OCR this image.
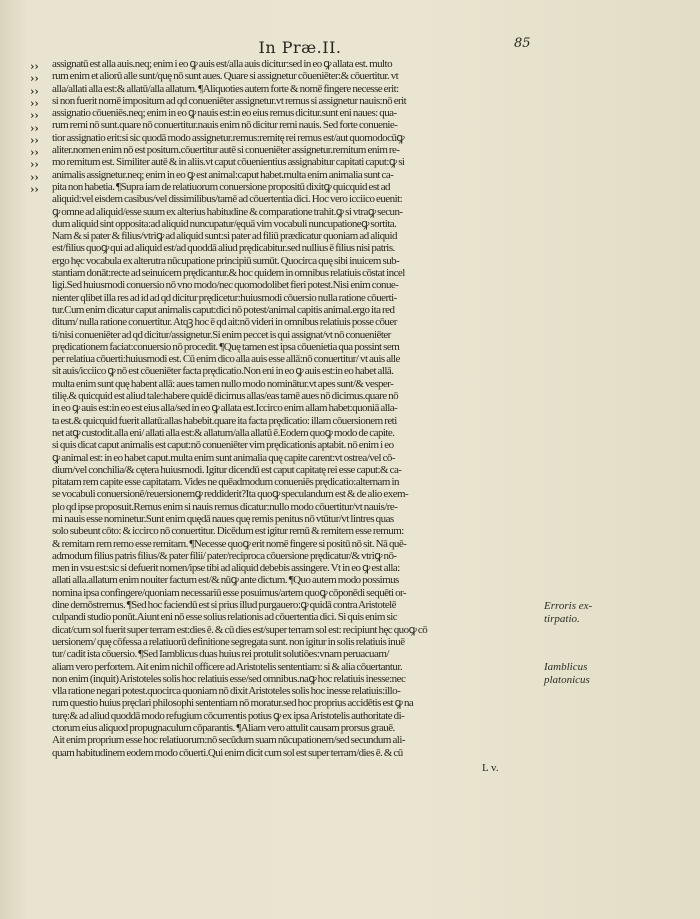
In Præ.II.	85
››
››
››
››
››
››
››
››
››
››
››
assignatū est alla auis.neq; enim i eo ꝙ auis est/alla auis dicitur:sed in eo ꝙ allata est. multo
rum enim et aliorū alle sunt/quę nō sunt aues. Quare si assignetur cōueniēter:& cōuertitur. vt
alla/allati alla est:& allatū/alla allatum. ¶Aliquoties autem forte & nomē fingere necesse erit:
si non fuerit nomē impositum ad qd conueniēter assignetur.vt remus si assignetur nauis:nō erit
assignatio cōueniēs.neq; enim in eo ꝙ nauis est:in eo eius remus dicitur.sunt eni naues: qua-
rum remi nō sunt.quare nō conuertitur.nauis enim nō dicitur remi nauis. Sed forte conuenie-
tior assignatio erit:si sic quodā modo assignetur.remus:remitę rei remus est/aut quomodocūꝙ
aliter.nomen enim nō est positum.cōuertitur autē si conueniēter assignetur.remitum enim re-
mo remitum est. Similiter autē & in aliis.vt caput cōuenientius assignabitur capitati caput:ꝙ si
animalis assignetur.neq; enim in eo ꝙ est animal:caput habet.multa enim animalia sunt ca-
pita non habetia. ¶Supra iam de relatiuorum conuersione propositū dixitꝙ quicquid est ad
aliquid:vel eisdem casibus/vel dissimilibus/tamē ad cōuertentia dici. Hoc vero icciico euenit:
ꝙ omne ad aliquid/esse suum ex alterius habitudine & comparatione trahit.ꝙ si vtraꝙ secun-
dum aliquid sint opposita:ad aliquid nuncupatur/ęquā vim vocabuli nuncupationeꝙ sortita.
Nam & si pater & filius/vtriꝙ ad aliquid sunt:si pater ad filiū prædicatur quoniam ad aliquid
est/filius quoꝙ qui ad aliquid est/ad quoddā aliud prędicabitur.sed nullius ē filius nisi patris.
ergo hęc vocabula ex alterutra nūcupatione principiū sumūt. Quocirca quę sibi inuicem sub-
stantiam donāt:recte ad seinuicem prędicantur.& hoc quidem in omnibus relatiuis cōstat incel
ligi.Sed huiusmodi conuersio nō vno modo/nec quomodolibet fieri potest.Nisi enim conue-
nienter qlibet illa res ad id ad qd dicitur prędicetur:huiusmodi cōuersio nulla ratione cōuerti-
tur.Cum enim dicatur caput animalis caput:dici nō potest/animal capitis animal.ergo ita red
ditum/ nulla ratione conuertitur. Atqꝫ hoc ē qd ait:nō videri in omnibus relatiuis posse cōuer
ti/nisi conueniēter ad qd dicitur/assignetur.Si enim peccet is qui assignat/vt nō conueniēter
prędicationem faciat:conuersio nō procedit. ¶Quę tamen est ipsa cōuenietia qua possint sem
per relatiua cōuerti:huiusmodi est. Cū enim dico alla auis esse allā:nō conuertitur/ vt auis alle
sit auis/icciico ꝙ nō est cōueniēter facta prędicatio.Non eni in eo ꝙ auis est:in eo habet allā.
multa enim sunt quę habent allā: aues tamen nullo modo nominātur.vt apes sunt/& vesper-
tilię.& quicquid est aliud tale:habere quidē dicimus allas/eas tamē aues nō dicimus.quare nō
in eo ꝙ auis est:in eo est eius alla/sed in eo ꝙ allata est.Iccirco enim allam habet:quoniā alla-
ta est.& quicquid fuerit allatū:allas habebit.quare ita facta prędicatio: illam cōuersionem reti
net atꝙ custodit.alla eni/ allati alla est:& allatum/alla allatū ē.Eodem quoꝙ modo de capite.
si quis dicat caput animalis est caput:nō conueniēter vim prędicationis aptabit. nō enim i eo
ꝙ animal est: in eo habet caput.multa enim sunt animalia quę capite carent:vt ostrea/vel cō-
dium/vel conchilia/& cętera huiusmodi. Igitur dicendū est caput capitatę rei esse caput:& ca-
pitatam rem capite esse capitatam. Vides ne quēadmodum conueniēs prędicatio:alternam in
se vocabuli conuersionē/reuersionemꝙ reddiderit?Ita quoꝙ speculandum est & de alio exem-
plo qd ipse proposuit.Remus enim si nauis remus dicatur:nullo modo cōuertitur/vt nauis/re-
mi nauis esse nominetur.Sunt enim quędā naues quę remis penitus nō vtūtur/vt lintres quas
solo subeunt cōto: & iccirco nō conuertitur. Dicēdum est igitur remū & remitem esse remum:
& remitam rem remo esse remitam. ¶Necesse quoꝙ erit nomē fingere si positū nō sit. Nā quē-
admodum filius patris filius/& pater filii/ pater/reciproca cōuersione prędicatur/& vtriꝙ nō-
men in vsu est:sic si defuerit nomen/ipse tibi ad aliquid debebis assingere. Vt in eo ꝙ est alla:
allati alla.allatum enim nouiter factum est/& nūꝙ ante dictum. ¶Quo autem modo possimus
nomina ipsa confingere/quoniam necessariū esse posuimus/artem quoꝙ cōponēdi sequēti or-
dine demōstremus. ¶Sed hoc faciendū est si prius illud purgauero:ꝙ quidā contra Aristotelē
culpandi studio ponūt.Aiunt eni nō esse solius relationis ad cōuertentia dici. Si quis enim sic
dicat/cum sol fuerit super terram est:dies ē. & cū dies est/super terram sol est: recipiunt hęc quoꝙ cō
uersionem/ quę cōfessa a relatiuorū definitione segregata sunt. non igitur in solis relatiuis inuē
tur/ cadit ista cōuersio. ¶Sed Iamblicus duas huius rei protulit solutiōes:vnam peruacuam/
aliam vero perfortem. Ait enim nichil officere ad Aristotelis sententiam: si & alia cōuertantur.
non enim (inquit) Aristoteles solis hoc relatiuis esse/sed omnibus.naꝙ hoc relatiuis inesse:nec
vlla ratione negari potest.quocirca quoniam nō dixit Aristoteles solis hoc inesse relatiuis:illo-
rum questio huius pręclari philosophi sententiam nō moratur.sed hoc proprius accidētis est ꝙ na
turę:& ad aliud quoddā modo refugium cōcurrentis potius ꝙ ex ipsa Aristotelis authoritate di-
ctorum eius aliquod propugnaculum cōparantis. ¶Aliam vero attulit causam prorsus grauē.
Ait enim proprium esse hoc relatiuorum:nō secūdum suam nūcupationem/sed secundum ali-
quam habitudinem eodem modo cōuerti.Qui enim dicit cum sol est super terram/dies ē. & cū
Erroris ex-
tirpatio.
Iamblicus
platonicus
L v.
